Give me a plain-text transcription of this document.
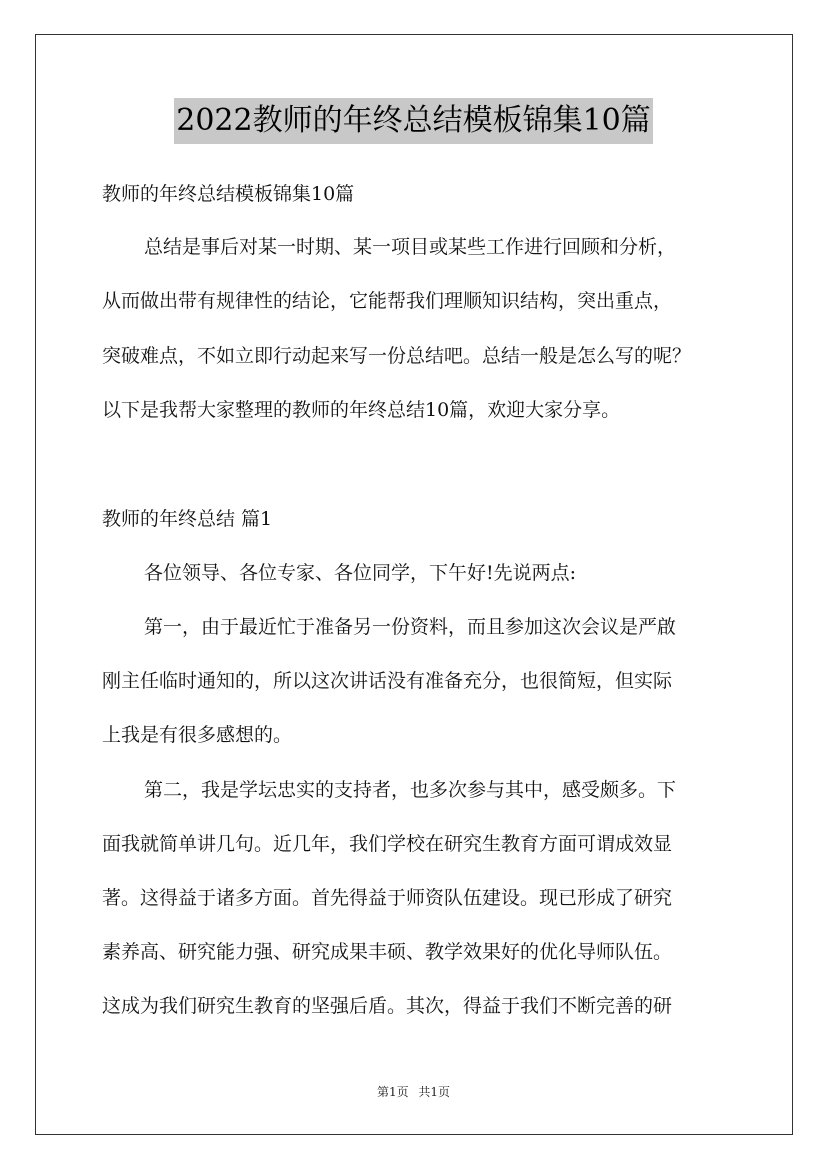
2022教师的年终总结模板锦集10篇
教师的年终总结模板锦集10篇
总结是事后对某一时期、某一项目或某些工作进行回顾和分析，
从而做出带有规律性的结论，它能帮我们理顺知识结构，突出重点，
突破难点，不如立即行动起来写一份总结吧。总结一般是怎么写的呢？
以下是我帮大家整理的教师的年终总结10篇，欢迎大家分享。
教师的年终总结 篇1
各位领导、各位专家、各位同学，下午好!先说两点:
第一，由于最近忙于准备另一份资料，而且参加这次会议是严啟
刚主任临时通知的，所以这次讲话没有准备充分，也很简短，但实际
上我是有很多感想的。
第二，我是学坛忠实的支持者，也多次参与其中，感受颇多。下
面我就简单讲几句。近几年，我们学校在研究生教育方面可谓成效显
著。这得益于诸多方面。首先得益于师资队伍建设。现已形成了研究
素养高、研究能力强、研究成果丰硕、教学效果好的优化导师队伍。
这成为我们研究生教育的坚强后盾。其次，得益于我们不断完善的研
第1页 共1页
